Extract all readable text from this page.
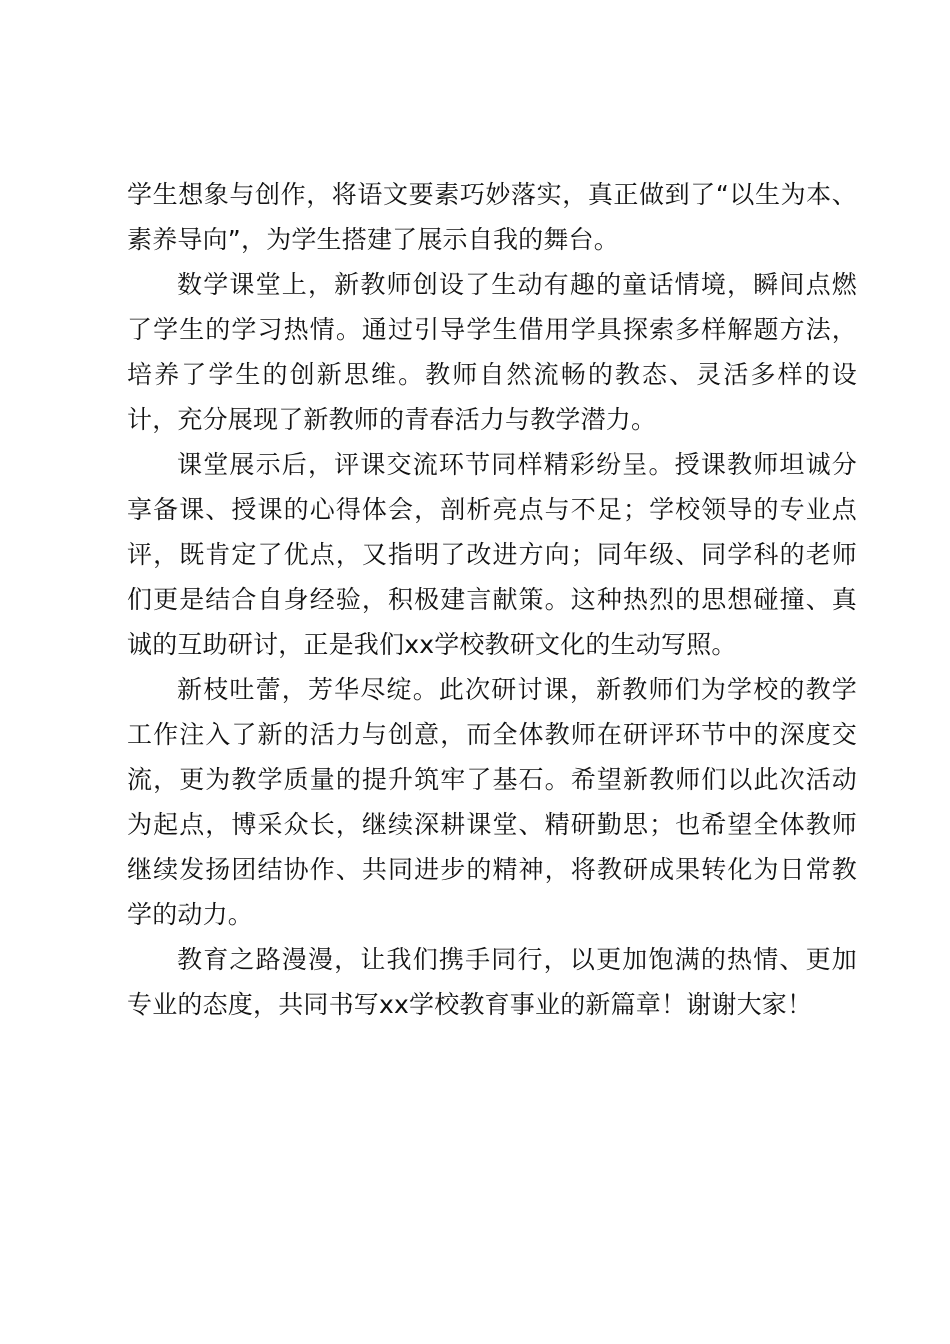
学生想象与创作，将语文要素巧妙落实，真正做到了“以生为本、素养导向”，为学生搭建了展示自我的舞台。

数学课堂上，新教师创设了生动有趣的童话情境，瞬间点燃了学生的学习热情。通过引导学生借用学具探索多样解题方法，培养了学生的创新思维。教师自然流畅的教态、灵活多样的设计，充分展现了新教师的青春活力与教学潜力。

课堂展示后，评课交流环节同样精彩纷呈。授课教师坦诚分享备课、授课的心得体会，剖析亮点与不足；学校领导的专业点评，既肯定了优点，又指明了改进方向；同年级、同学科的老师们更是结合自身经验，积极建言献策。这种热烈的思想碰撞、真诚的互助研讨，正是我们xx学校教研文化的生动写照。

新枝吐蕾，芳华尽绽。此次研讨课，新教师们为学校的教学工作注入了新的活力与创意，而全体教师在研评环节中的深度交流，更为教学质量的提升筑牢了基石。希望新教师们以此次活动为起点，博采众长，继续深耕课堂、精研勤思；也希望全体教师继续发扬团结协作、共同进步的精神，将教研成果转化为日常教学的动力。

教育之路漫漫，让我们携手同行，以更加饱满的热情、更加专业的态度，共同书写xx学校教育事业的新篇章！谢谢大家！
